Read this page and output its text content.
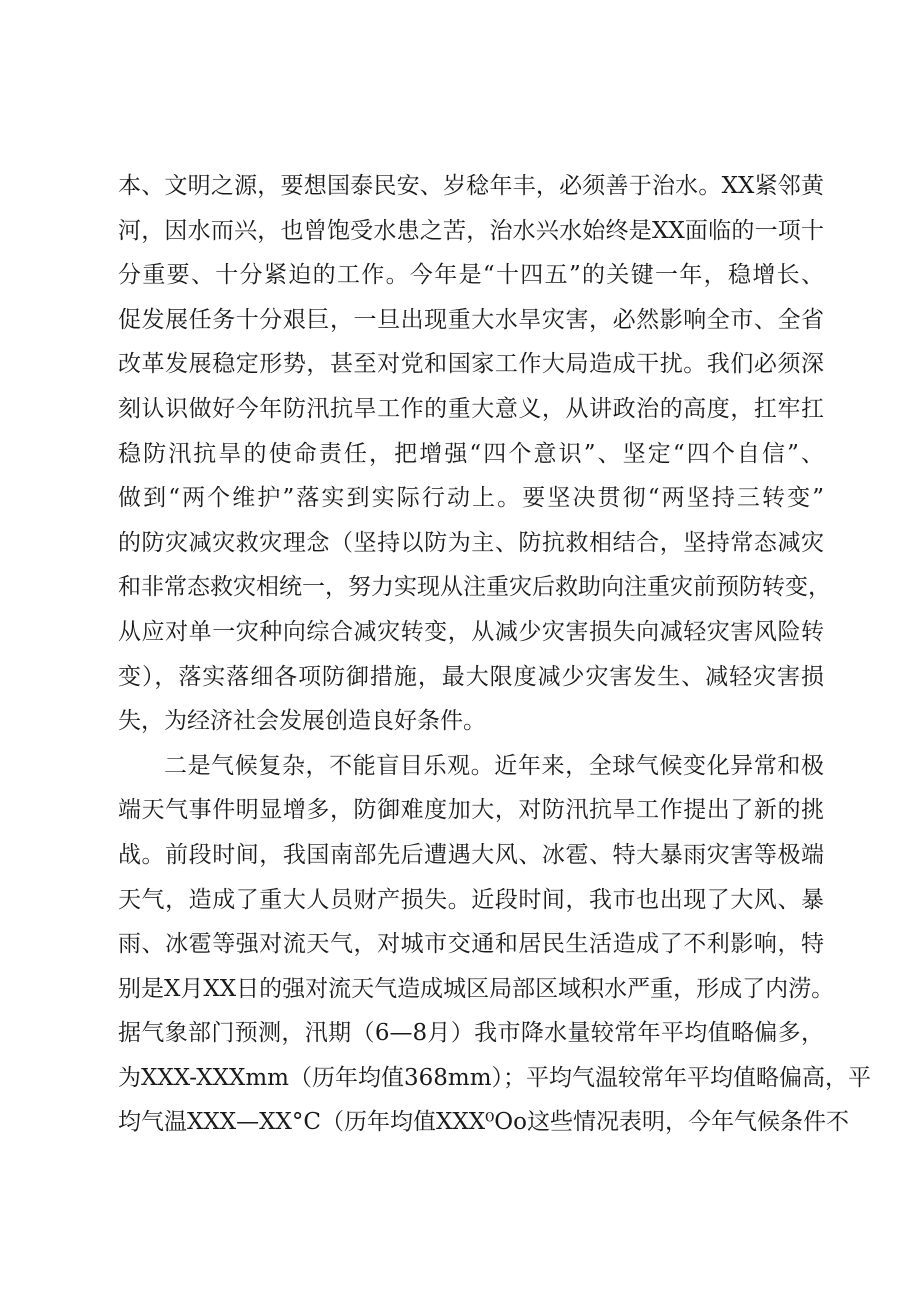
本、文明之源，要想国泰民安、岁稔年丰，必须善于治水。XX紧邻黄
河，因水而兴，也曾饱受水患之苦，治水兴水始终是XX面临的一项十
分重要、十分紧迫的工作。今年是“十四五”的关键一年，稳增长、
促发展任务十分艰巨，一旦出现重大水旱灾害，必然影响全市、全省
改革发展稳定形势，甚至对党和国家工作大局造成干扰。我们必须深
刻认识做好今年防汛抗旱工作的重大意义，从讲政治的高度，扛牢扛
稳防汛抗旱的使命责任，把增强“四个意识”、坚定“四个自信”、
做到“两个维护”落实到实际行动上。要坚决贯彻“两坚持三转变”
的防灾减灾救灾理念（坚持以防为主、防抗救相结合，坚持常态减灾
和非常态救灾相统一，努力实现从注重灾后救助向注重灾前预防转变，
从应对单一灾种向综合减灾转变，从减少灾害损失向减轻灾害风险转
变），落实落细各项防御措施，最大限度减少灾害发生、减轻灾害损
失，为经济社会发展创造良好条件。
二是气候复杂，不能盲目乐观。近年来，全球气候变化异常和极
端天气事件明显增多，防御难度加大，对防汛抗旱工作提出了新的挑
战。前段时间，我国南部先后遭遇大风、冰雹、特大暴雨灾害等极端
天气，造成了重大人员财产损失。近段时间，我市也出现了大风、暴
雨、冰雹等强对流天气，对城市交通和居民生活造成了不利影响，特
别是X月XX日的强对流天气造成城区局部区域积水严重，形成了内涝。
据气象部门预测，汛期（6—8月）我市降水量较常年平均值略偏多，
为XXX-XXXmm（历年均值368mm）；平均气温较常年平均值略偏高，平
均气温XXX—XX°C（历年均值XXX⁰Oo这些情况表明，今年气候条件不
